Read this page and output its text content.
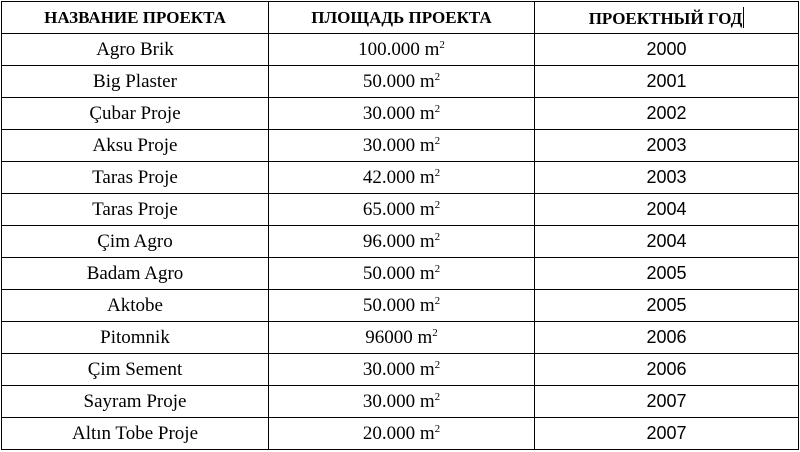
НАЗВАНИЕ ПРОЕКТА	ПЛОЩАДЬ ПРОЕКТА	ПРОЕКТНЫЙ ГОД
Agro Brik	100.000 $m^2$	2000
Big Plaster	50.000 $m^2$	2001
Çubar Proje	30.000 $m^2$	2002
Aksu Proje	30.000 $m^2$	2003
Taras Proje	42.000 $m^2$	2003
Taras Proje	65.000 $m^2$	2004
Çim Agro	96.000 $m^2$	2004
Badam Agro	50.000 $m^2$	2005
Aktobe	50.000 $m^2$	2005
Pitomnik	96000 $m^2$	2006
Çim Sement	30.000 $m^2$	2006
Sayram Proje	30.000 $m^2$	2007
Altın Tobe Proje	20.000 $m^2$	2007
